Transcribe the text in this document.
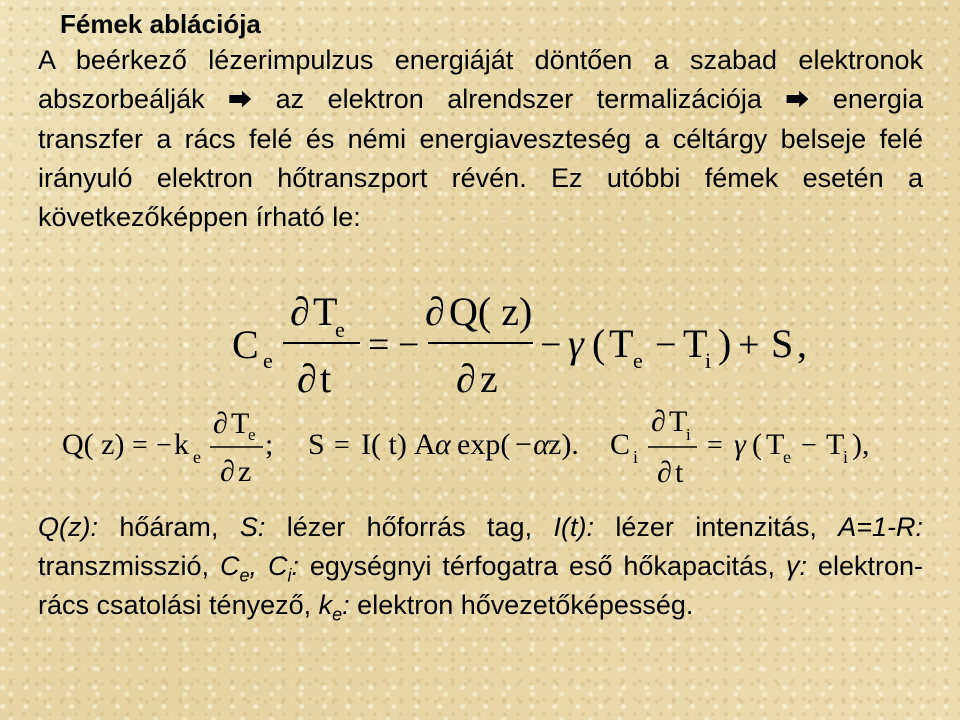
Fémek ablációja
A beérkező lézerimpulzus energiáját döntően a szabad elektronok abszorbeálják ⮕ az elektron alrendszer termalizációja ⮕ energia transzfer a rács felé és némi energiaveszteség a céltárgy belseje felé irányuló elektron hőtranszport révén. Ez utóbbi fémek esetén a következőképpen írható le:
C e
∂ T
e
∂ t
= −
∂ Q( z)
∂ z
− γ ( T e − T
i ) + S ,
Q( z) = − k e
∂ T
e
∂ z
; S = I( t) A α exp( −α z). C i
∂ T
i
∂ t
= γ ( T
e − T
i ),
Q(z): hőáram, S: lézer hőforrás tag, I(t): lézer intenzitás, A=1-R: transzmisszió, $C_e$, $C_i$: egységnyi térfogatra eső hőkapacitás, γ: elektron-rács csatolási tényező, $k_e$: elektron hővezetőképesség.
